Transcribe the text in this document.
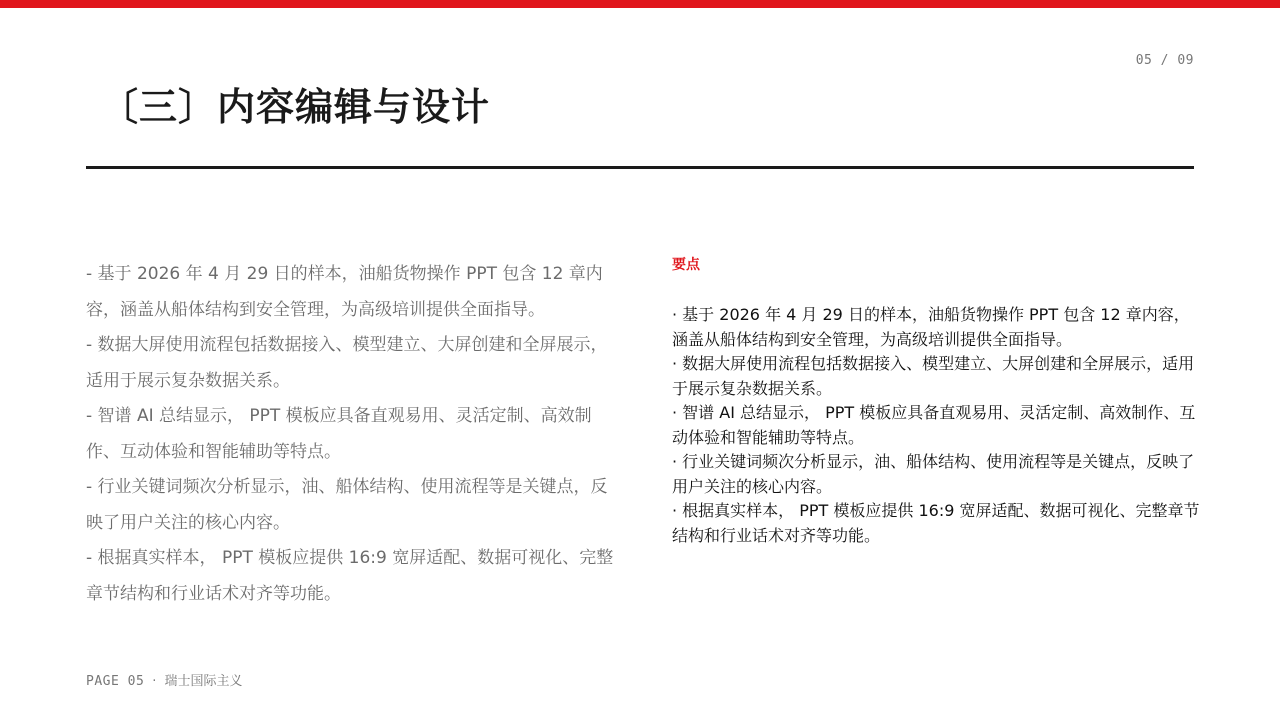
05 / 09
〔三〕内容编辑与设计

- 基于 2026 年 4 月 29 日的样本，油船货物操作 PPT 包含 12 章内容，涵盖从船体结构到安全管理，为高级培训提供全面指导。

- 数据大屏使用流程包括数据接入、模型建立、大屏创建和全屏展示，适用于展示复杂数据关系。

- 智谱 AI 总结显示， PPT 模板应具备直观易用、灵活定制、高效制作、互动体验和智能辅助等特点。

- 行业关键词频次分析显示，油、船体结构、使用流程等是关键点，反映了用户关注的核心内容。

- 根据真实样本， PPT 模板应提供 16:9 宽屏适配、数据可视化、完整章节结构和行业话术对齐等功能。

要点

· 基于 2026 年 4 月 29 日的样本，油船货物操作 PPT 包含 12 章内容，涵盖从船体结构到安全管理，为高级培训提供全面指导。

· 数据大屏使用流程包括数据接入、模型建立、大屏创建和全屏展示，适用于展示复杂数据关系。

· 智谱 AI 总结显示， PPT 模板应具备直观易用、灵活定制、高效制作、互动体验和智能辅助等特点。

· 行业关键词频次分析显示，油、船体结构、使用流程等是关键点，反映了用户关注的核心内容。

· 根据真实样本， PPT 模板应提供 16:9 宽屏适配、数据可视化、完整章节结构和行业话术对齐等功能。

PAGE 05 · 瑞士国际主义
